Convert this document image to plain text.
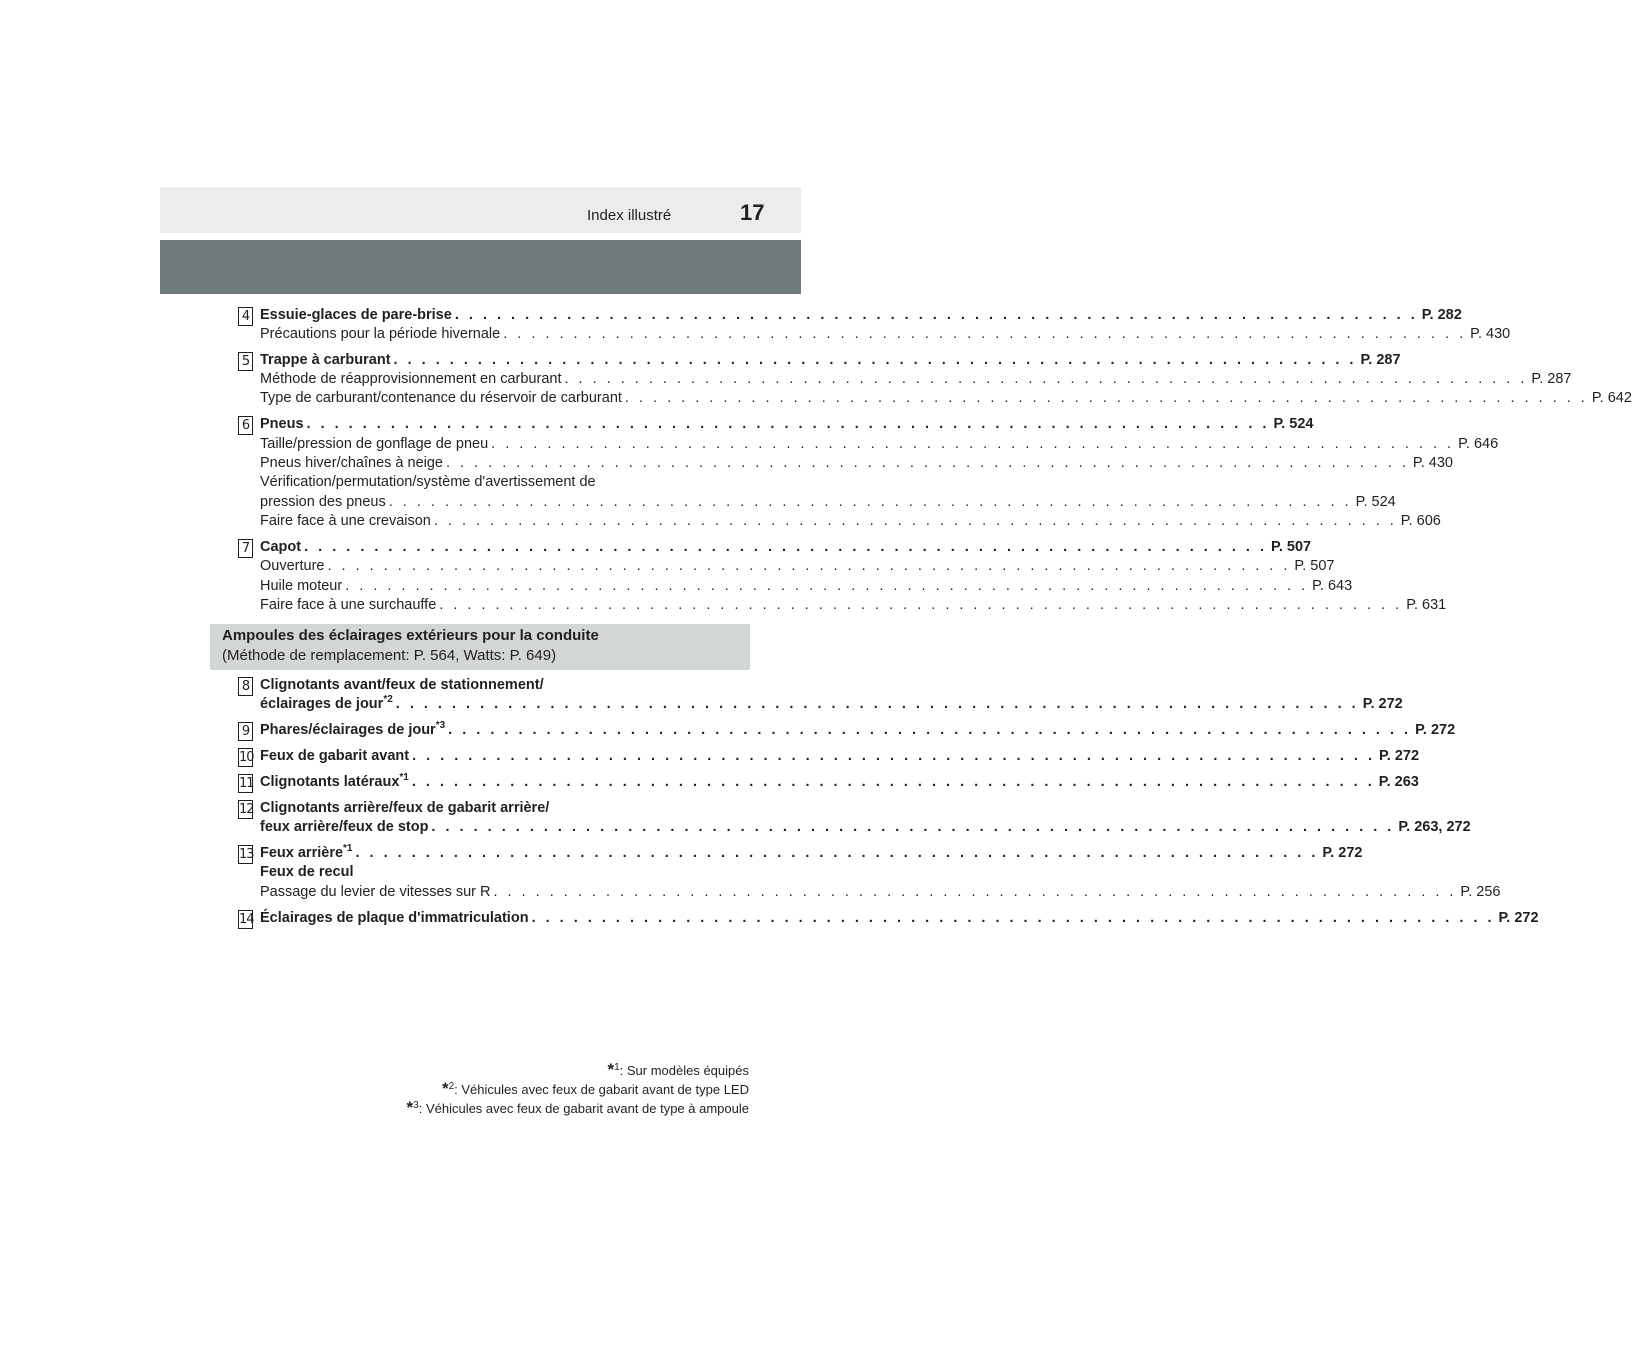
Index illustré	17
4 Essuie-glaces de pare-brise . . . . . . . . . . . . . . . . . . . . . . . . . . . . . . . . . . . . . . . . . . . . . . . . . . . . . . . . . . . . . . . . . . . . . P. 282
Précautions pour la période hivernale . . . . . . . . . . . . . . . . . . . . . . . . . . . . . . . . . . . . . . . . . . . . . . . . . . . . . . . . . . . . . . . . . . . . . P. 430
5 Trappe à carburant . . . . . . . . . . . . . . . . . . . . . . . . . . . . . . . . . . . . . . . . . . . . . . . . . . . . . . . . . . . . . . . . . . . . . P. 287
Méthode de réapprovisionnement en carburant . . . . . . . . . . . . . . . . . . . . . . . . . . . . . . . . . . . . . . . . . . . . . . . . . . . . . . . . . . . . . . . . . . . . . P. 287
Type de carburant/contenance du réservoir de carburant . . . . . . . . . . . . . . . . . . . . . . . . . . . . . . . . . . . . . . . . . . . . . . . . . . . . . . . . . . . . . . . . . . . . . P. 642
6 Pneus . . . . . . . . . . . . . . . . . . . . . . . . . . . . . . . . . . . . . . . . . . . . . . . . . . . . . . . . . . . . . . . . . . . . . P. 524
Taille/pression de gonflage de pneu . . . . . . . . . . . . . . . . . . . . . . . . . . . . . . . . . . . . . . . . . . . . . . . . . . . . . . . . . . . . . . . . . . . . . P. 646
Pneus hiver/chaînes à neige . . . . . . . . . . . . . . . . . . . . . . . . . . . . . . . . . . . . . . . . . . . . . . . . . . . . . . . . . . . . . . . . . . . . . P. 430
Vérification/permutation/système d'avertissement de
pression des pneus . . . . . . . . . . . . . . . . . . . . . . . . . . . . . . . . . . . . . . . . . . . . . . . . . . . . . . . . . . . . . . . . . . . . . P. 524
Faire face à une crevaison . . . . . . . . . . . . . . . . . . . . . . . . . . . . . . . . . . . . . . . . . . . . . . . . . . . . . . . . . . . . . . . . . . . . . P. 606
7 Capot . . . . . . . . . . . . . . . . . . . . . . . . . . . . . . . . . . . . . . . . . . . . . . . . . . . . . . . . . . . . . . . . . . . . . P. 507
Ouverture . . . . . . . . . . . . . . . . . . . . . . . . . . . . . . . . . . . . . . . . . . . . . . . . . . . . . . . . . . . . . . . . . . . . . P. 507
Huile moteur . . . . . . . . . . . . . . . . . . . . . . . . . . . . . . . . . . . . . . . . . . . . . . . . . . . . . . . . . . . . . . . . . . . . . P. 643
Faire face à une surchauffe . . . . . . . . . . . . . . . . . . . . . . . . . . . . . . . . . . . . . . . . . . . . . . . . . . . . . . . . . . . . . . . . . . . . . P. 631
Ampoules des éclairages extérieurs pour la conduite
(Méthode de remplacement: P. 564, Watts: P. 649)
8 Clignotants avant/feux de stationnement/
éclairages de jour$^{*2}$ . . . . . . . . . . . . . . . . . . . . . . . . . . . . . . . . . . . . . . . . . . . . . . . . . . . . . . . . . . . . . . . . . . . . . P. 272
9 Phares/éclairages de jour$^{*3}$ . . . . . . . . . . . . . . . . . . . . . . . . . . . . . . . . . . . . . . . . . . . . . . . . . . . . . . . . . . . . . . . . . . . . . P. 272
10 Feux de gabarit avant . . . . . . . . . . . . . . . . . . . . . . . . . . . . . . . . . . . . . . . . . . . . . . . . . . . . . . . . . . . . . . . . . . . . . P. 272
11 Clignotants latéraux$^{*1}$ . . . . . . . . . . . . . . . . . . . . . . . . . . . . . . . . . . . . . . . . . . . . . . . . . . . . . . . . . . . . . . . . . . . . . P. 263
12 Clignotants arrière/feux de gabarit arrière/
feux arrière/feux de stop . . . . . . . . . . . . . . . . . . . . . . . . . . . . . . . . . . . . . . . . . . . . . . . . . . . . . . . . . . . . . . . . . . . . . P. 263, 272
13 Feux arrière$^{*1}$ . . . . . . . . . . . . . . . . . . . . . . . . . . . . . . . . . . . . . . . . . . . . . . . . . . . . . . . . . . . . . . . . . . . . . P. 272
Feux de recul
Passage du levier de vitesses sur R . . . . . . . . . . . . . . . . . . . . . . . . . . . . . . . . . . . . . . . . . . . . . . . . . . . . . . . . . . . . . . . . . . . . . P. 256
14 Éclairages de plaque d'immatriculation . . . . . . . . . . . . . . . . . . . . . . . . . . . . . . . . . . . . . . . . . . . . . . . . . . . . . . . . . . . . . . . . . . . . . P. 272
*$^1$: Sur modèles équipés
*$^2$: Véhicules avec feux de gabarit avant de type LED
*$^3$: Véhicules avec feux de gabarit avant de type à ampoule
